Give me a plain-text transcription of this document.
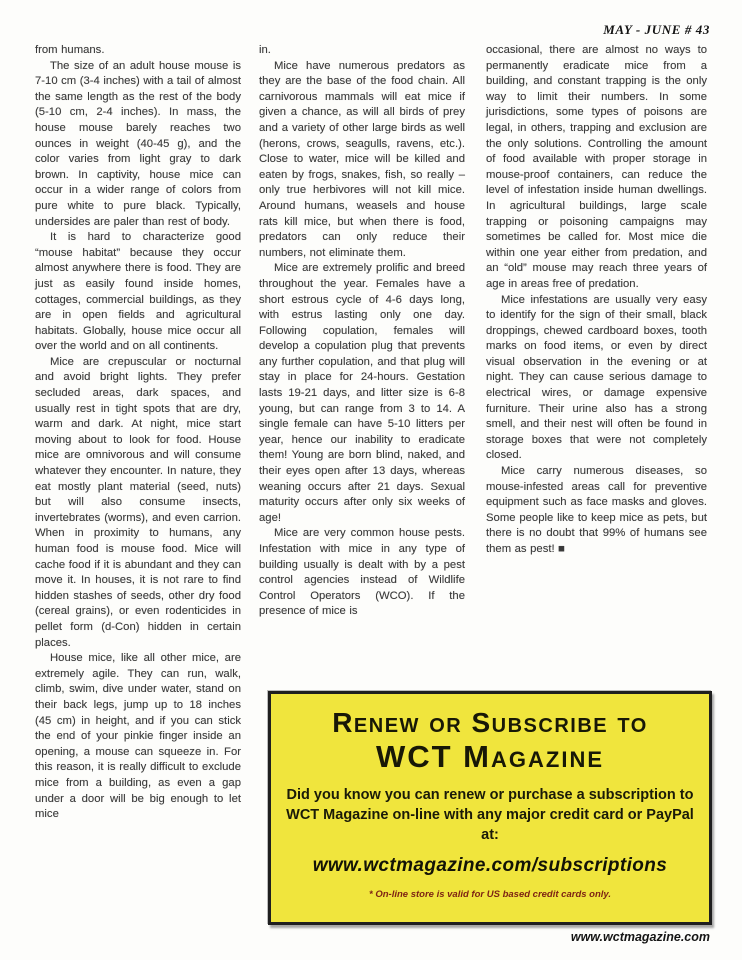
MAY - JUNE # 43

from humans.

The size of an adult house mouse is 7-10 cm (3-4 inches) with a tail of almost the same length as the rest of the body (5-10 cm, 2-4 inches). In mass, the house mouse barely reaches two ounces in weight (40-45 g), and the color varies from light gray to dark brown. In captivity, house mice can occur in a wider range of colors from pure white to pure black. Typically, undersides are paler than rest of body.

It is hard to characterize good “mouse habitat” because they occur almost anywhere there is food. They are just as easily found inside homes, cottages, commercial buildings, as they are in open fields and agricultural habitats. Globally, house mice occur all over the world and on all continents.

Mice are crepuscular or nocturnal and avoid bright lights. They prefer secluded areas, dark spaces, and usually rest in tight spots that are dry, warm and dark. At night, mice start moving about to look for food. House mice are omnivorous and will consume whatever they encounter. In nature, they eat mostly plant material (seed, nuts) but will also consume insects, invertebrates (worms), and even carrion. When in proximity to humans, any human food is mouse food. Mice will cache food if it is abundant and they can move it. In houses, it is not rare to find hidden stashes of seeds, other dry food (cereal grains), or even rodenticides in pellet form (d-Con) hidden in certain places.

House mice, like all other mice, are extremely agile. They can run, walk, climb, swim, dive under water, stand on their back legs, jump up to 18 inches (45 cm) in height, and if you can stick the end of your pinkie finger inside an opening, a mouse can squeeze in. For this reason, it is really difficult to exclude mice from a building, as even a gap under a door will be big enough to let mice

in.

Mice have numerous predators as they are the base of the food chain. All carnivorous mammals will eat mice if given a chance, as will all birds of prey and a variety of other large birds as well (herons, crows, seagulls, ravens, etc.). Close to water, mice will be killed and eaten by frogs, snakes, fish, so really – only true herbivores will not kill mice. Around humans, weasels and house rats kill mice, but when there is food, predators can only reduce their numbers, not eliminate them.

Mice are extremely prolific and breed throughout the year. Females have a short estrous cycle of 4-6 days long, with estrus lasting only one day. Following copulation, females will develop a copulation plug that prevents any further copulation, and that plug will stay in place for 24-hours. Gestation lasts 19-21 days, and litter size is 6-8 young, but can range from 3 to 14. A single female can have 5-10 litters per year, hence our inability to eradicate them! Young are born blind, naked, and their eyes open after 13 days, whereas weaning occurs after 21 days. Sexual maturity occurs after only six weeks of age!

Mice are very common house pests. Infestation with mice in any type of building usually is dealt with by a pest control agencies instead of Wildlife Control Operators (WCO). If the presence of mice is

occasional, there are almost no ways to permanently eradicate mice from a building, and constant trapping is the only way to limit their numbers. In some jurisdictions, some types of poisons are legal, in others, trapping and exclusion are the only solutions. Controlling the amount of food available with proper storage in mouse-proof containers, can reduce the level of infestation inside human dwellings. In agricultural buildings, large scale trapping or poisoning campaigns may sometimes be called for. Most mice die within one year either from predation, and an “old” mouse may reach three years of age in areas free of predation.

Mice infestations are usually very easy to identify for the sign of their small, black droppings, chewed cardboard boxes, tooth marks on food items, or even by direct visual observation in the evening or at night. They can cause serious damage to electrical wires, or damage expensive furniture. Their urine also has a strong smell, and their nest will often be found in storage boxes that were not completely closed.

Mice carry numerous diseases, so mouse-infested areas call for preventive equipment such as face masks and gloves. Some people like to keep mice as pets, but there is no doubt that 99% of humans see them as pest! ■

Renew or Subscribe to
WCT Magazine
Did you know you can renew or purchase a subscription to WCT Magazine on-line with any major credit card or PayPal at:
www.wctmagazine.com/subscriptions
* On-line store is valid for US based credit cards only.
www.wctmagazine.com
